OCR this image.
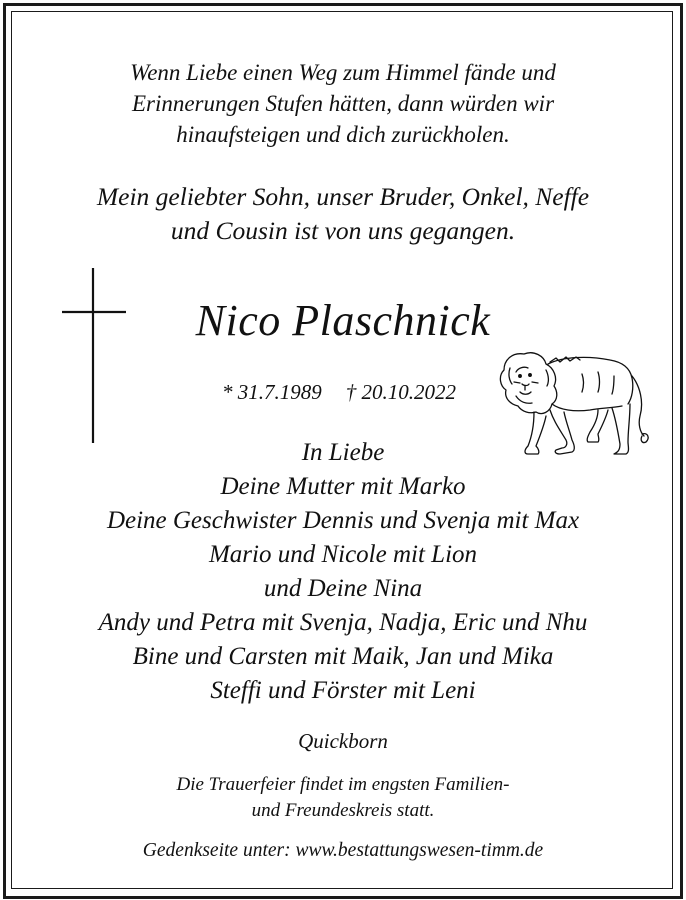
Wenn Liebe einen Weg zum Himmel fände und
Erinnerungen Stufen hätten, dann würden wir
hinaufsteigen und dich zurückholen.
Mein geliebter Sohn, unser Bruder, Onkel, Neffe
und Cousin ist von uns gegangen.
Nico Plaschnick
* 31.7.1989 † 20.10.2022
In Liebe
Deine Mutter mit Marko
Deine Geschwister Dennis und Svenja mit Max
Mario und Nicole mit Lion
und Deine Nina
Andy und Petra mit Svenja, Nadja, Eric und Nhu
Bine und Carsten mit Maik, Jan und Mika
Steffi und Förster mit Leni
Quickborn
Die Trauerfeier findet im engsten Familien-
und Freundeskreis statt.
Gedenkseite unter: www.bestattungswesen-timm.de
